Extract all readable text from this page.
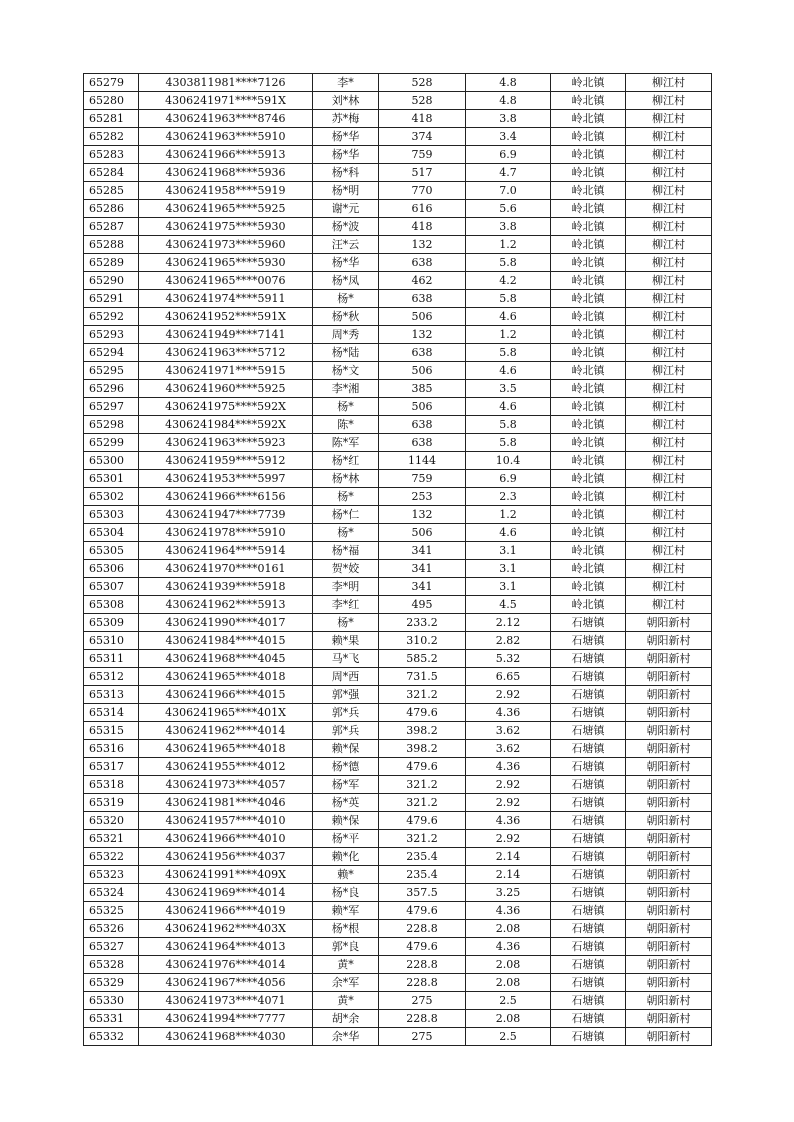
65279	4303811981****7126	李*	528	4.8	岭北镇	柳江村
65280	4306241971****591X	刘*林	528	4.8	岭北镇	柳江村
65281	4306241963****8746	苏*梅	418	3.8	岭北镇	柳江村
65282	4306241963****5910	杨*华	374	3.4	岭北镇	柳江村
65283	4306241966****5913	杨*华	759	6.9	岭北镇	柳江村
65284	4306241968****5936	杨*科	517	4.7	岭北镇	柳江村
65285	4306241958****5919	杨*明	770	7.0	岭北镇	柳江村
65286	4306241965****5925	谢*元	616	5.6	岭北镇	柳江村
65287	4306241975****5930	杨*波	418	3.8	岭北镇	柳江村
65288	4306241973****5960	汪*云	132	1.2	岭北镇	柳江村
65289	4306241965****5930	杨*华	638	5.8	岭北镇	柳江村
65290	4306241965****0076	杨*凤	462	4.2	岭北镇	柳江村
65291	4306241974****5911	杨*	638	5.8	岭北镇	柳江村
65292	4306241952****591X	杨*秋	506	4.6	岭北镇	柳江村
65293	4306241949****7141	周*秀	132	1.2	岭北镇	柳江村
65294	4306241963****5712	杨*陆	638	5.8	岭北镇	柳江村
65295	4306241971****5915	杨*文	506	4.6	岭北镇	柳江村
65296	4306241960****5925	李*湘	385	3.5	岭北镇	柳江村
65297	4306241975****592X	杨*	506	4.6	岭北镇	柳江村
65298	4306241984****592X	陈*	638	5.8	岭北镇	柳江村
65299	4306241963****5923	陈*军	638	5.8	岭北镇	柳江村
65300	4306241959****5912	杨*红	1144	10.4	岭北镇	柳江村
65301	4306241953****5997	杨*林	759	6.9	岭北镇	柳江村
65302	4306241966****6156	杨*	253	2.3	岭北镇	柳江村
65303	4306241947****7739	杨*仁	132	1.2	岭北镇	柳江村
65304	4306241978****5910	杨*	506	4.6	岭北镇	柳江村
65305	4306241964****5914	杨*福	341	3.1	岭北镇	柳江村
65306	4306241970****0161	贺*姣	341	3.1	岭北镇	柳江村
65307	4306241939****5918	李*明	341	3.1	岭北镇	柳江村
65308	4306241962****5913	李*红	495	4.5	岭北镇	柳江村
65309	4306241990****4017	杨*	233.2	2.12	石塘镇	朝阳新村
65310	4306241984****4015	赖*果	310.2	2.82	石塘镇	朝阳新村
65311	4306241968****4045	马*飞	585.2	5.32	石塘镇	朝阳新村
65312	4306241965****4018	周*西	731.5	6.65	石塘镇	朝阳新村
65313	4306241966****4015	郭*强	321.2	2.92	石塘镇	朝阳新村
65314	4306241965****401X	郭*兵	479.6	4.36	石塘镇	朝阳新村
65315	4306241962****4014	郭*兵	398.2	3.62	石塘镇	朝阳新村
65316	4306241965****4018	赖*保	398.2	3.62	石塘镇	朝阳新村
65317	4306241955****4012	杨*德	479.6	4.36	石塘镇	朝阳新村
65318	4306241973****4057	杨*军	321.2	2.92	石塘镇	朝阳新村
65319	4306241981****4046	杨*英	321.2	2.92	石塘镇	朝阳新村
65320	4306241957****4010	赖*保	479.6	4.36	石塘镇	朝阳新村
65321	4306241966****4010	杨*平	321.2	2.92	石塘镇	朝阳新村
65322	4306241956****4037	赖*化	235.4	2.14	石塘镇	朝阳新村
65323	4306241991****409X	赖*	235.4	2.14	石塘镇	朝阳新村
65324	4306241969****4014	杨*良	357.5	3.25	石塘镇	朝阳新村
65325	4306241966****4019	赖*军	479.6	4.36	石塘镇	朝阳新村
65326	4306241962****403X	杨*根	228.8	2.08	石塘镇	朝阳新村
65327	4306241964****4013	郭*良	479.6	4.36	石塘镇	朝阳新村
65328	4306241976****4014	黄*	228.8	2.08	石塘镇	朝阳新村
65329	4306241967****4056	余*军	228.8	2.08	石塘镇	朝阳新村
65330	4306241973****4071	黄*	275	2.5	石塘镇	朝阳新村
65331	4306241994****7777	胡*余	228.8	2.08	石塘镇	朝阳新村
65332	4306241968****4030	余*华	275	2.5	石塘镇	朝阳新村
